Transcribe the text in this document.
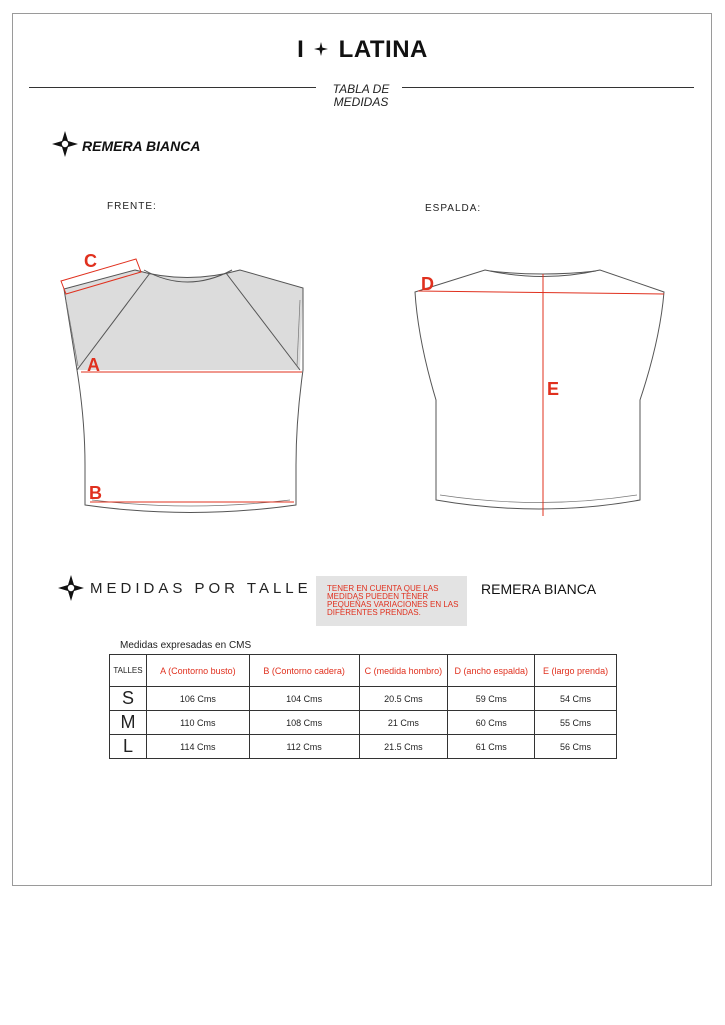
I LATINA
TABLA DE
MEDIDAS
REMERA BIANCA
FRENTE:	ESPALDA:
C
A
B
D
E
MEDIDAS POR TALLE	TENER EN CUENTA QUE LAS MEDIDAS PUEDEN TENER PEQUEÑAS VARIACIONES EN LAS DIFERENTES PRENDAS.
REMERA BIANCA
Medidas expresadas en CMS
TALLES	A (Contorno busto)	B (Contorno cadera)	C (medida hombro)	D (ancho espalda)	E (largo prenda)
S	106 Cms	104 Cms	20.5 Cms	59 Cms	54 Cms
M	110 Cms	108 Cms	21 Cms	60 Cms	55 Cms
L	114 Cms	112 Cms	21.5 Cms	61 Cms	56 Cms
